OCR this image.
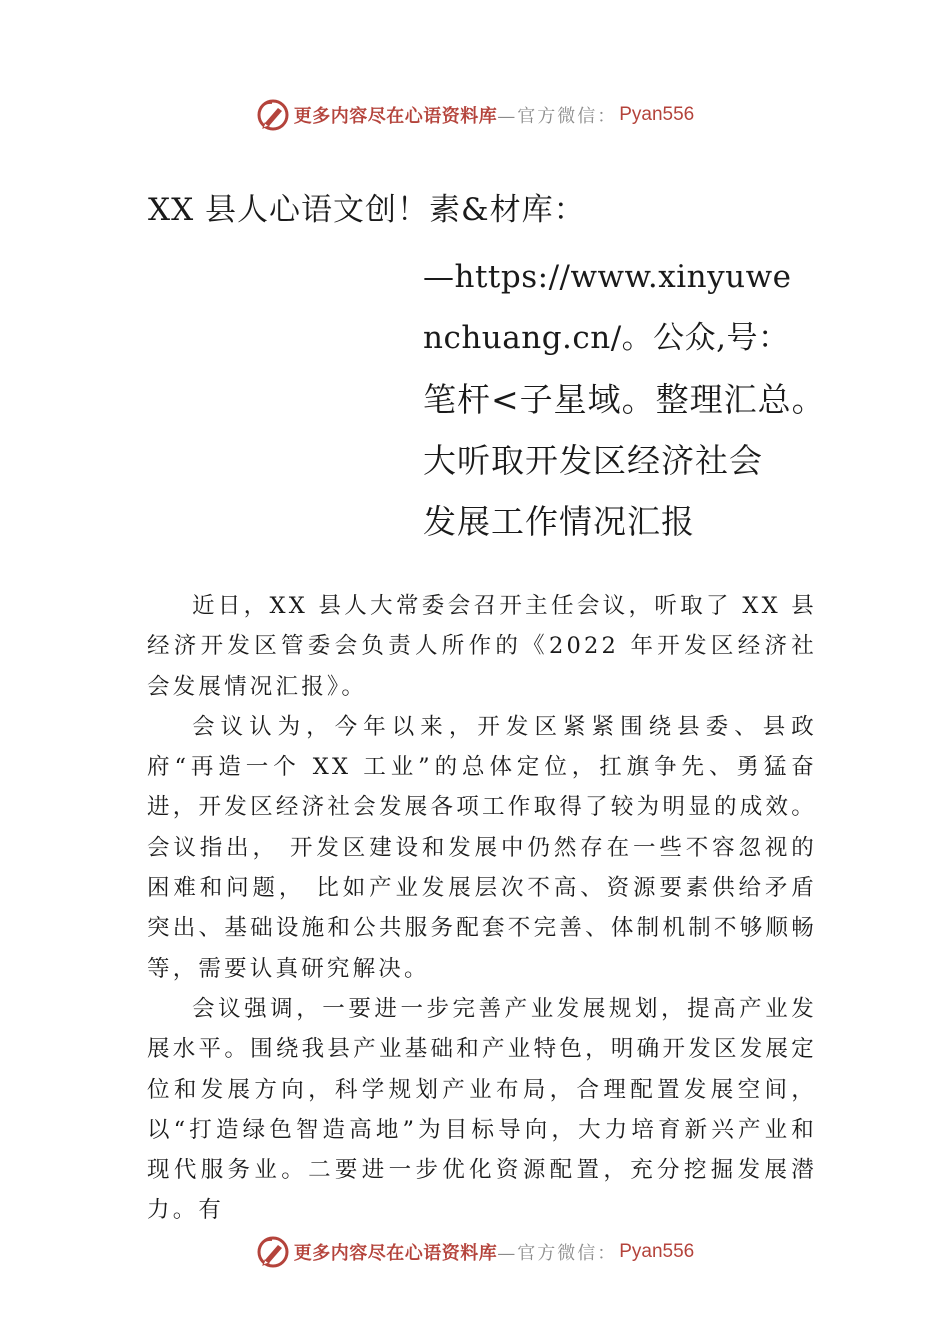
更多内容尽在心语资料库 —官方微信： Pyan556
XX 县人心语文创！素&材库：
—https://www.xinyuwe
nchuang.cn/。公众,号：
笔杆<子星域。整理汇总。
大听取开发区经济社会
发展工作情况汇报

近日，XX 县人大常委会召开主任会议，听取了 XX 县经济开发区管委会负责人所作的《2022 年开发区经济社会发展情况汇报》。

会议认为，今年以来，开发区紧紧围绕县委、县政府“再造一个 XX 工业”的总体定位，扛旗争先、勇猛奋进，开发区经济社会发展各项工作取得了较为明显的成效。会议指出， 开发区建设和发展中仍然存在一些不容忽视的困难和问题， 比如产业发展层次不高、资源要素供给矛盾突出、基础设施和公共服务配套不完善、体制机制不够顺畅等，需要认真研究解决。

会议强调，一要进一步完善产业发展规划，提高产业发展水平。围绕我县产业基础和产业特色，明确开发区发展定位和发展方向，科学规划产业布局，合理配置发展空间，以“打造绿色智造高地”为目标导向，大力培育新兴产业和现代服务业。二要进一步优化资源配置，充分挖掘发展潜力。有

更多内容尽在心语资料库 —官方微信： Pyan556
